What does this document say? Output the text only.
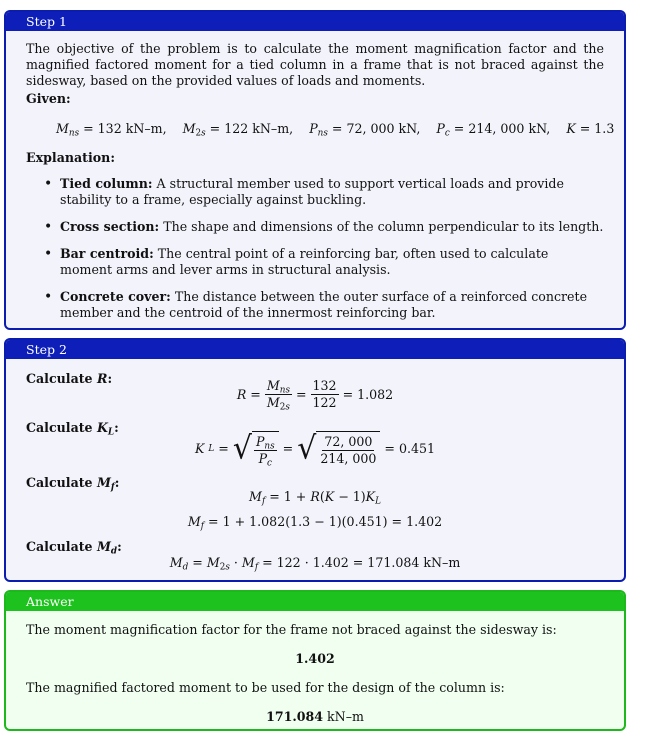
Step 1

The objective of the problem is to calculate the moment magnification factor and the magnified factored moment for a tied column in a frame that is not braced against the sidesway, based on the provided values of loads and moments.

Given:

$M_{ns} = 132$ kN–m, $M_{2s} = 122$ kN–m, $P_{ns} = 72$, 000 kN, $P_c = 214$, 000 kN, K = 1.3

Explanation:

• Tied column: A structural member used to support vertical loads and provide stability to a frame, especially against buckling.
• Cross section: The shape and dimensions of the column perpendicular to its length.
• Bar centroid: The central point of a reinforcing bar, often used to calculate moment arms and lever arms in structural analysis.
• Concrete cover: The distance between the outer surface of a reinforced concrete member and the centroid of the innermost reinforcing bar.
Step 2

Calculate R:

$R = \frac{M_{ns}}{M_{2s}} = \frac{132}{122} = 1.082$

Calculate $K_L$:

K L = √ $\frac{P_{ns}}{P_c}$ = √ $\frac{72, 000}{214, 000} = 0.451$

Calculate $M_f$:

$M_f = 1 + R(K - 1)K_L$
$M_f = 1 + 1.082(1.3 - 1)(0.451) = 1.402$

Calculate $M_d$:

$M_d = M_{2s} \cdot M_f = 122 \cdot 1.402 = 171.084$ kN–m
Answer

The moment magnification factor for the frame not braced against the sidesway is:

1.402

The magnified factored moment to be used for the design of the column is:

171.084 kN–m
